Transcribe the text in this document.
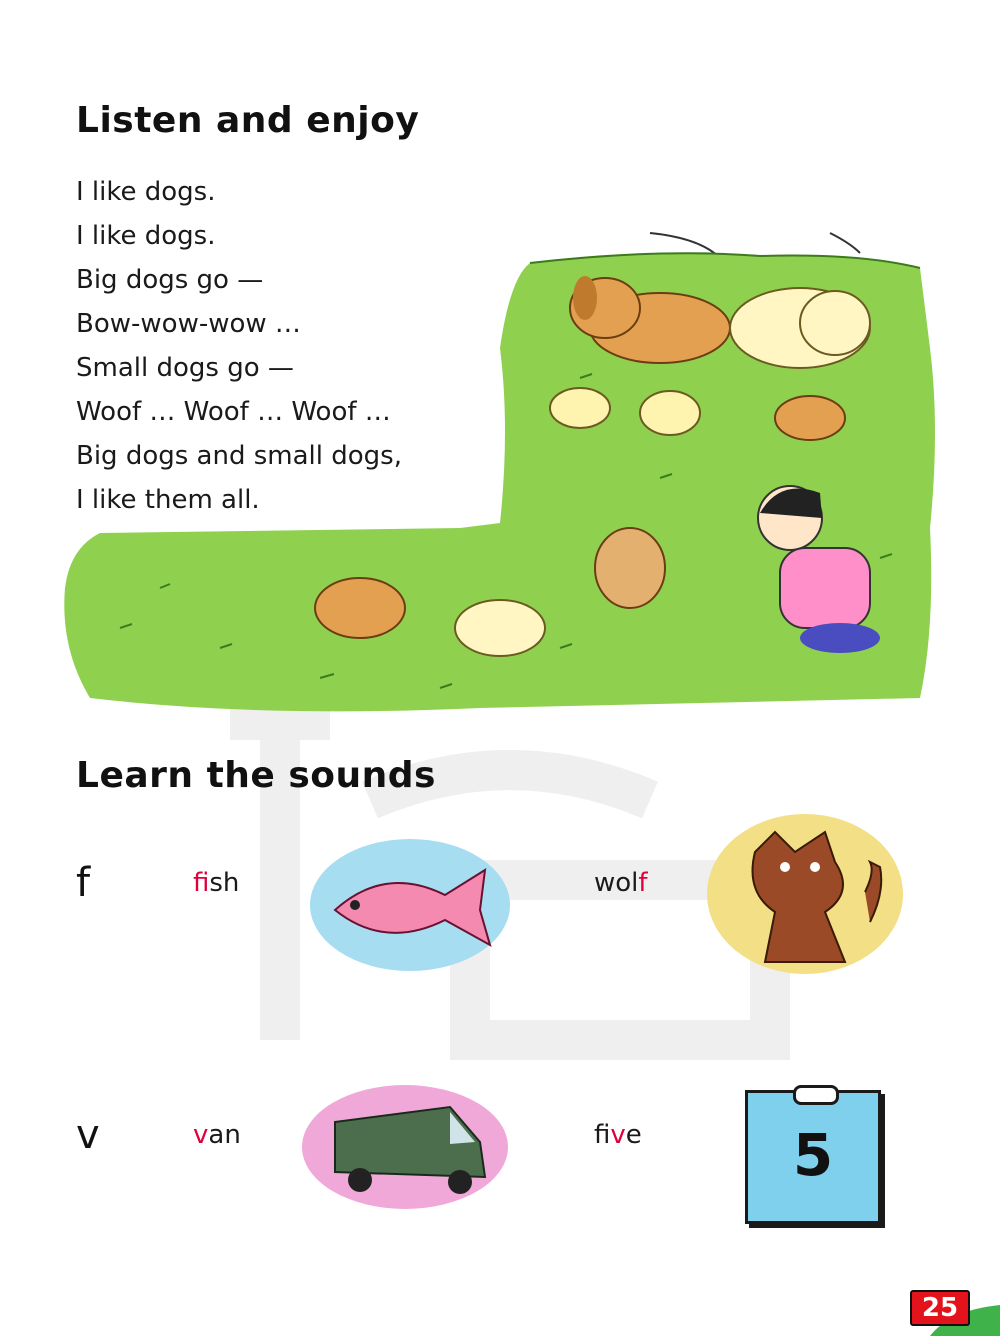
Listen and enjoy
I like dogs.
I like dogs.
Big dogs go —
Bow-wow-wow …
Small dogs go —
Woof … Woof … Woof …
Big dogs and small dogs,
I like them all.
Learn the sounds
f	fish	wolf
v	van	five	5
25
